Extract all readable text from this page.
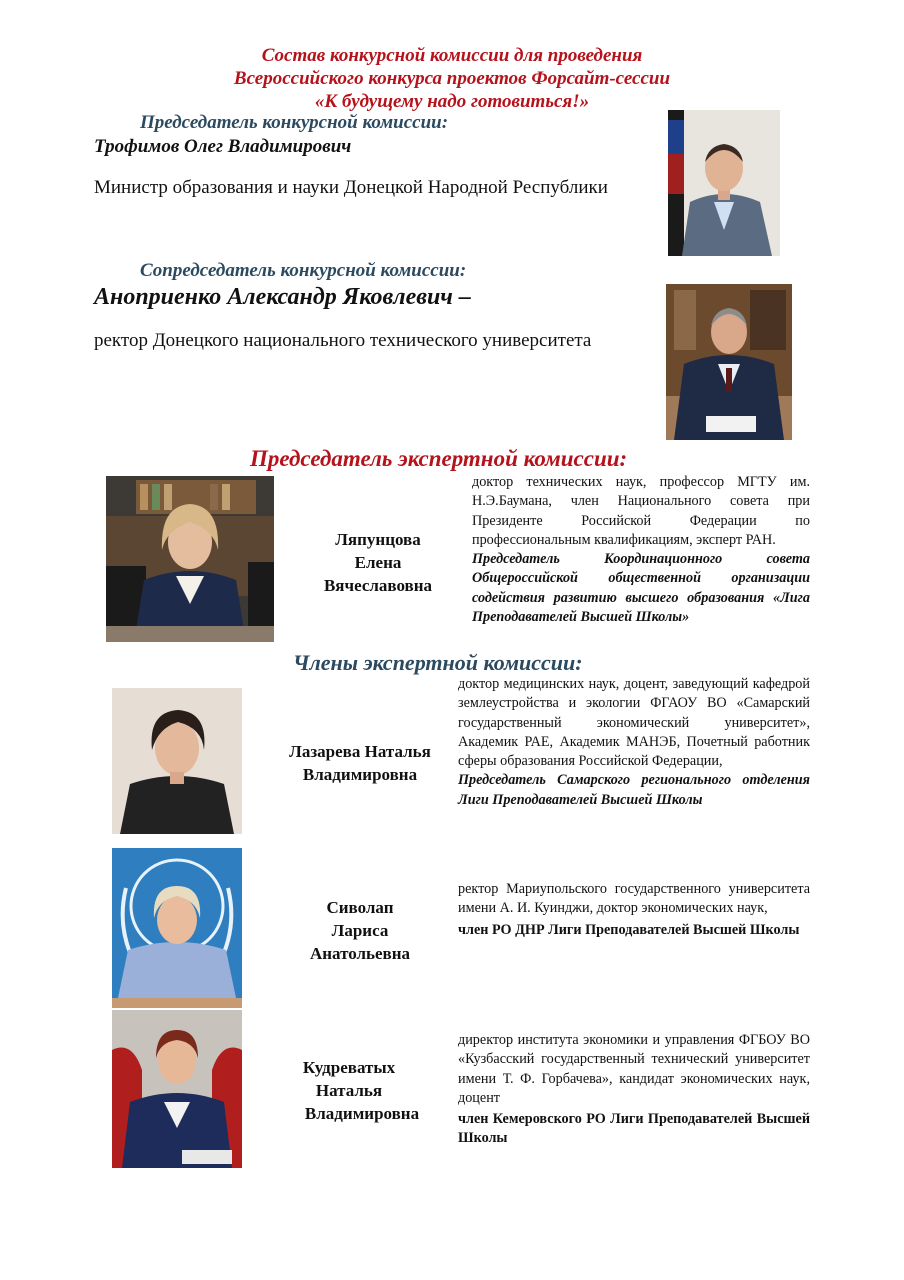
Состав конкурсной комиссии для проведения
Всероссийского конкурса проектов Форсайт-сессии
«К будущему надо готовиться!»
Председатель конкурсной комиссии:
Трофимов Олег Владимирович
Министр образования и науки Донецкой Народной Республики
Сопредседатель конкурсной комиссии:
Аноприенко Александр Яковлевич –
ректор Донецкого национального технического университета
Председатель экспертной комиссии:
Ляпунцова
Елена
Вячеславовна
доктор технических наук, профессор МГТУ им. Н.Э.Баумана, член Национального совета при Президенте Российской Федерации по профессиональным квалификациям, эксперт РАН.
Председатель Координационного совета Общероссийской общественной организации содействия развитию высшего образования «Лига Преподавателей Высшей Школы»
Члены экспертной комиссии:
Лазарева Наталья
Владимировна
доктор медицинских наук, доцент, заведующий кафедрой землеустройства и экологии ФГАОУ ВО «Самарский государственный экономический университет», Академик РАЕ, Академик МАНЭБ, Почетный работник сферы образования Российской Федерации,
Председатель Самарского регионального отделения Лиги Преподавателей Высшей Школы
Сиволап
Лариса
Анатольевна
ректор Мариупольского государственного университета имени А. И. Куинджи, доктор экономических наук,
член РО ДНР Лиги Преподавателей Высшей Школы
Кудреватых
Наталья
Владимировна
директор института экономики и управления ФГБОУ ВО «Кузбасский государственный технический университет имени Т. Ф. Горбачева», кандидат экономических наук, доцент
член Кемеровского РО Лиги Преподавателей Высшей Школы
